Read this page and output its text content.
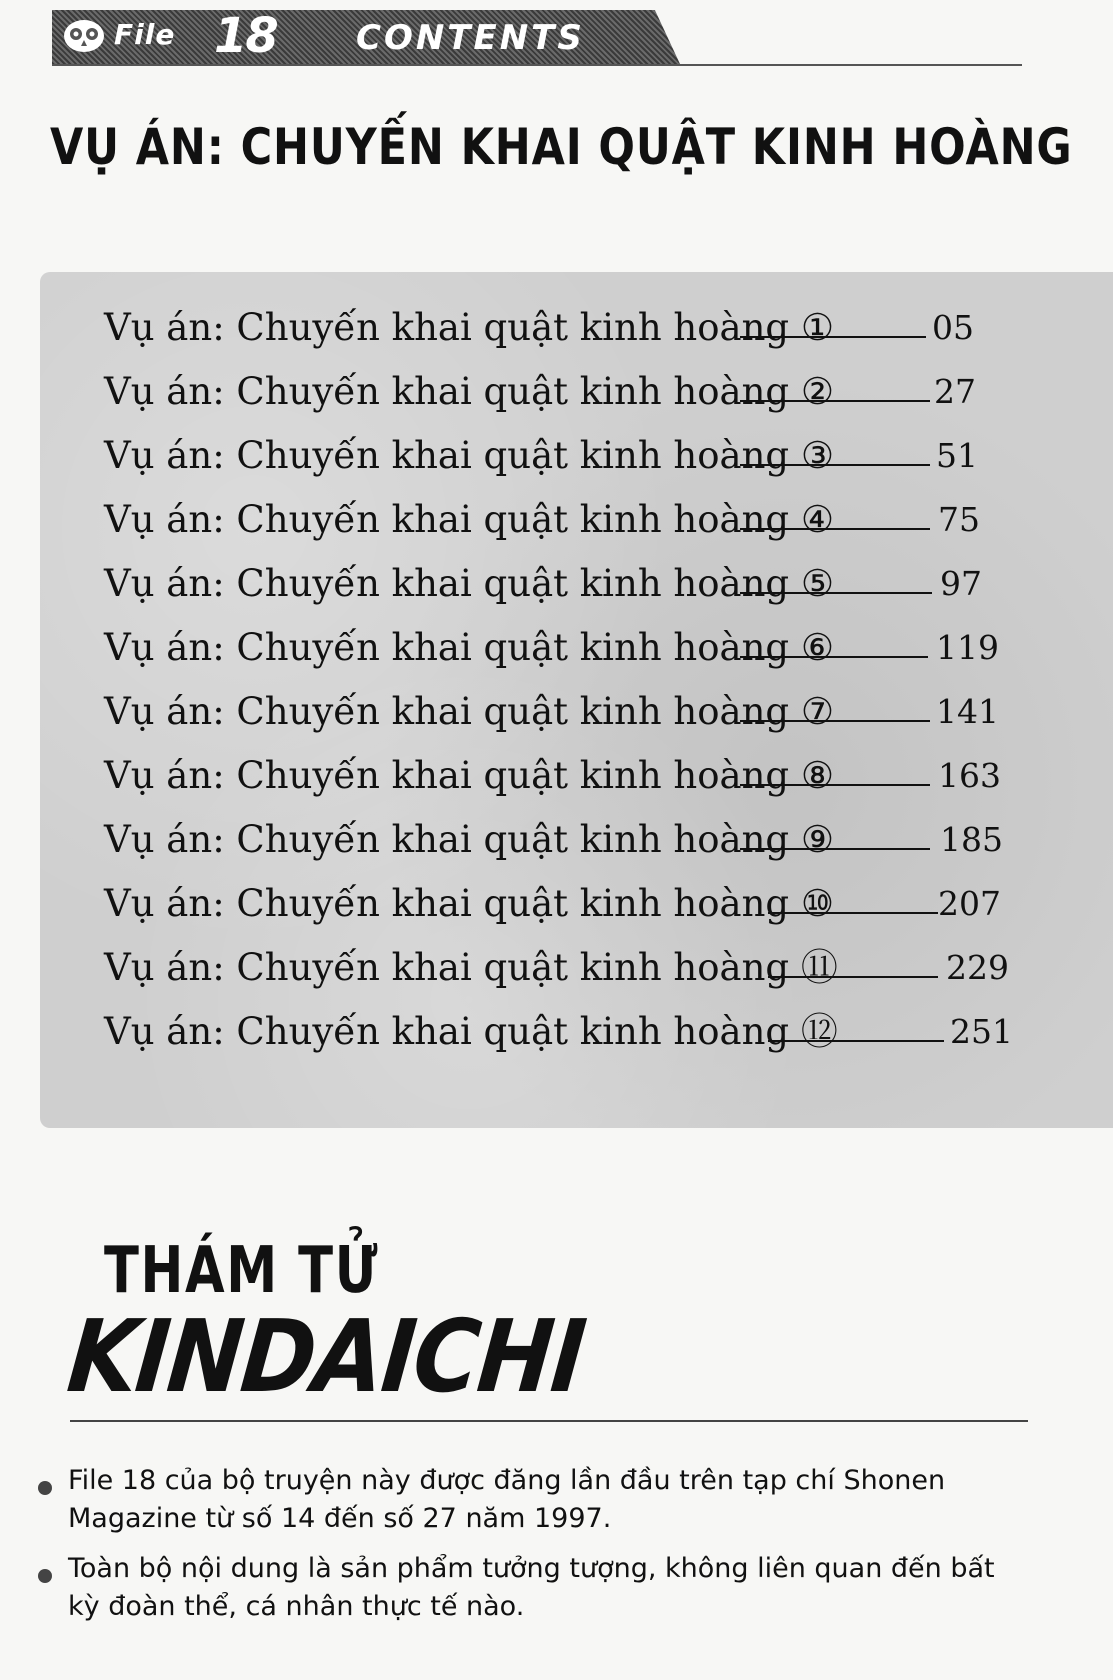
File 18 CONTENTS
VỤ ÁN: CHUYẾN KHAI QUẬT KINH HOÀNG
Vụ án: Chuyến khai quật kinh hoàng ①	05
Vụ án: Chuyến khai quật kinh hoàng ②	27
Vụ án: Chuyến khai quật kinh hoàng ③	51
Vụ án: Chuyến khai quật kinh hoàng ④	75
Vụ án: Chuyến khai quật kinh hoàng ⑤	97
Vụ án: Chuyến khai quật kinh hoàng ⑥	119
Vụ án: Chuyến khai quật kinh hoàng ⑦	141
Vụ án: Chuyến khai quật kinh hoàng ⑧	163
Vụ án: Chuyến khai quật kinh hoàng ⑨	185
Vụ án: Chuyến khai quật kinh hoàng ⑩	207
Vụ án: Chuyến khai quật kinh hoàng ⑪	229
Vụ án: Chuyến khai quật kinh hoàng ⑫	251
THÁM TỬ
KINDAICHI
File 18 của bộ truyện này được đăng lần đầu trên tạp chí Shonen Magazine từ số 14 đến số 27 năm 1997.
Toàn bộ nội dung là sản phẩm tưởng tượng, không liên quan đến bất kỳ đoàn thể, cá nhân thực tế nào.
